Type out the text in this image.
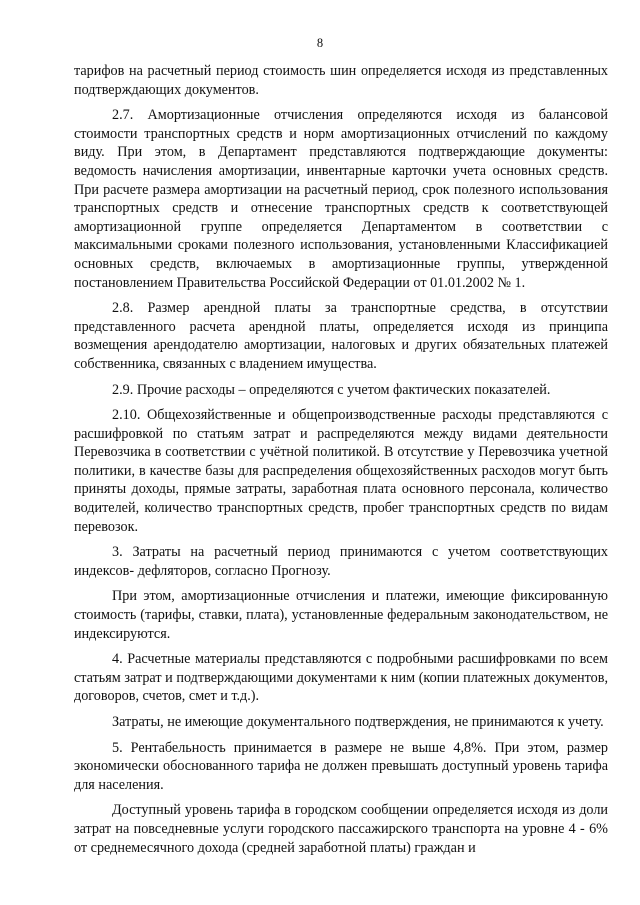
8

тарифов на расчетный период стоимость шин определяется исходя из представленных подтверждающих документов.

2.7. Амортизационные отчисления определяются исходя из балансовой стоимости транспортных средств и норм амортизационных отчислений по каждому виду. При этом, в Департамент представляются подтверждающие документы: ведомость начисления амортизации, инвентарные карточки учета основных средств. При расчете размера амортизации на расчетный период, срок полезного использования транспортных средств и отнесение транспортных средств к соответствующей амортизационной группе определяется Департаментом в соответствии с максимальными сроками полезного использования, установленными Классификацией основных средств, включаемых в амортизационные группы, утвержденной постановлением Правительства Российской Федерации от 01.01.2002 № 1.

2.8. Размер арендной платы за транспортные средства, в отсутствии представленного расчета арендной платы, определяется исходя из принципа возмещения арендодателю амортизации, налоговых и других обязательных платежей собственника, связанных с владением имущества.

2.9. Прочие расходы – определяются с учетом фактических показателей.

2.10. Общехозяйственные и общепроизводственные расходы представляются с расшифровкой по статьям затрат и распределяются между видами деятельности Перевозчика в соответствии с учётной политикой. В отсутствие у Перевозчика учетной политики, в качестве базы для распределения общехозяйственных расходов могут быть приняты доходы, прямые затраты, заработная плата основного персонала, количество водителей, количество транспортных средств, пробег транспортных средств по видам перевозок.

3. Затраты на расчетный период принимаются с учетом соответствующих индексов- дефляторов, согласно Прогнозу.

При этом, амортизационные отчисления и платежи, имеющие фиксированную стоимость (тарифы, ставки, плата), установленные федеральным законодательством, не индексируются.

4. Расчетные материалы представляются с подробными расшифровками по всем статьям затрат и подтверждающими документами к ним (копии платежных документов, договоров, счетов, смет и т.д.).

Затраты, не имеющие документального подтверждения, не принимаются к учету.

5. Рентабельность принимается в размере не выше 4,8%. При этом, размер экономически обоснованного тарифа не должен превышать доступный уровень тарифа для населения.

Доступный уровень тарифа в городском сообщении определяется исходя из доли затрат на повседневные услуги городского пассажирского транспорта на уровне 4 - 6% от среднемесячного дохода (средней заработной платы) граждан и
